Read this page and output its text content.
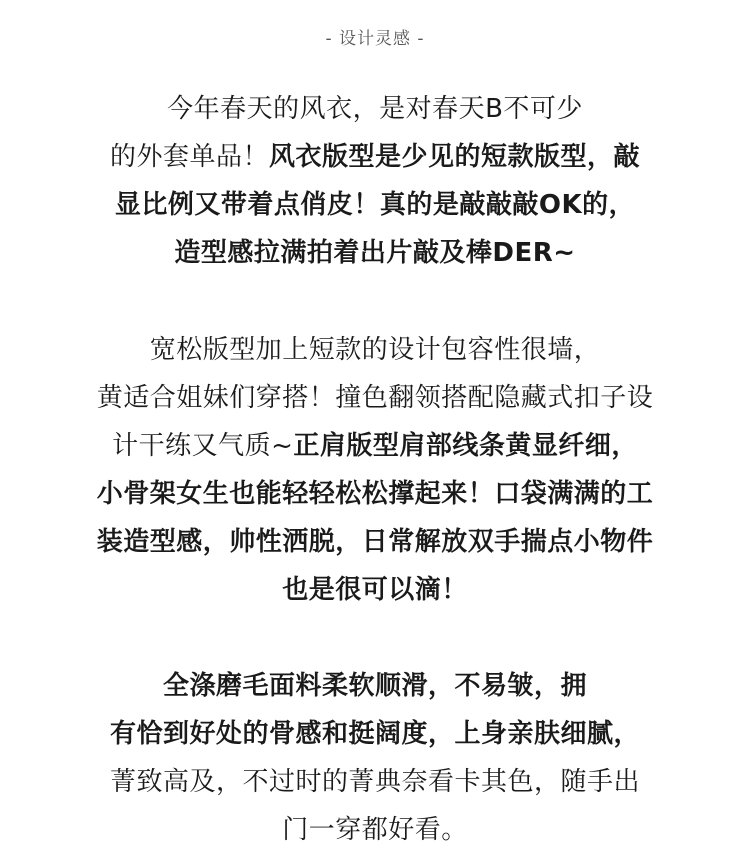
- 设计灵感 -
今年春天的风衣，是对春天B不可少
的外套单品！风衣版型是少见的短款版型，敲
显比例又带着点俏皮！真的是敲敲敲OK的，
造型感拉满拍着出片敲及棒DER~
宽松版型加上短款的设计包容性很墙，
黄适合姐妹们穿搭！撞色翻领搭配隐藏式扣子设
计干练又气质~正肩版型肩部线条黄显纤细，
小骨架女生也能轻轻松松撑起来！口袋满满的工
装造型感，帅性洒脱，日常解放双手揣点小物件
也是很可以滴！
全涤磨毛面料柔软顺滑，不易皱，拥
有恰到好处的骨感和挺阔度，上身亲肤细腻，
菁致高及，不过时的菁典奈看卡其色，随手出
门一穿都好看。
